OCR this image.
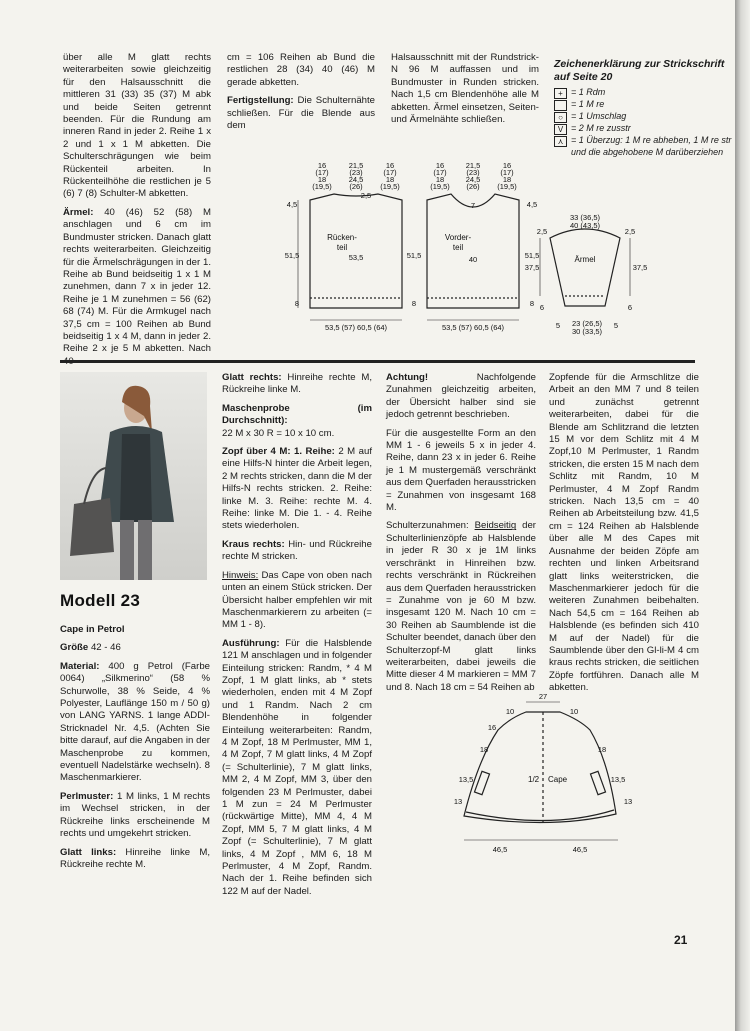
über alle M glatt rechts weiterarbeiten sowie gleichzeitig für den Halsausschnitt die mittleren 31 (33) 35 (37) M abk und beide Seiten getrennt beenden. Für die Rundung am inneren Rand in jeder 2. Reihe 1 x 2 und 1 x 1 M abketten. Die Schulterschrägungen wie beim Rückenteil arbeiten. In Rückenteilhöhe die restlichen je 5 (6) 7 (8) Schulter-M abketten.

Ärmel: 40 (46) 52 (58) M anschlagen und 6 cm im Bundmuster stricken. Danach glatt rechts weiterarbeiten. Gleichzeitig für die Ärmelschrägungen in der 1. Reihe ab Bund beidseitig 1 x 1 M zunehmen, dann 7 x in jeder 12. Reihe je 1 M zunehmen = 56 (62) 68 (74) M. Für die Armkugel nach 37,5 cm = 100 Reihen ab Bund beidseitig 1 x 4 M, dann in jeder 2. Reihe 2 x je 5 M abketten. Nach

cm = 106 Reihen ab Bund die restlichen 28 (34) 40 (46) M gerade abketten.

Fertigstellung: Die Schulternähte schließen. Für die Blende aus dem

Halsausschnitt mit der Rundstrick-N 96 M auffassen und im Bundmuster in Runden stricken. Nach 1,5 cm Blendenhöhe alle M abketten. Ärmel einsetzen, Seiten- und Ärmelnähte schließen.

Zeichenerklärung zur Strickschrift auf Seite 20
+ = 1 Rdm
= 1 M re
○ = 1 Umschlag
V = 2 M re zusstr
⋏ = 1 Überzug: 1 M re abheben, 1 M re str und die abgehobene M darüberziehen
16
(17)
18
(19,5)
21,5
(23)
24,5
(26)
16
(17)
18
(19,5)
16
(17)
18
(19,5)
21,5
(23)
24,5
(26)
16
(17)
18
(19,5)
2,5
7
4,5	4,5
51,5	51,5	51,5
53,5	40
8	8	8
53,5 (57) 60,5 (64)	53,5 (57) 60,5 (64)
33 (36,5)
40 (43,5)
2,5	2,5
37,5	37,5
6	6
5	5
23 (26,5)
30 (33,5)
Rücken-teil
Vorder-teil
Ärmel
Modell 23

Cape in Petrol

Größe 42 - 46

Material: 400 g Petrol (Farbe 0064) „Silkmerino“ (58 % Schurwolle, 38 % Seide, 4 % Polyester, Lauflänge 150 m / 50 g) von LANG YARNS. 1 lange ADDI-Stricknadel Nr. 4,5. (Achten Sie bitte darauf, auf die Angaben in der Maschenprobe zu kommen, eventuell Nadelstärke wechseln). 8 Maschenmarkierer.

Perlmuster: 1 M links, 1 M rechts im Wechsel stricken, in der Rückreihe links erscheinende M rechts und umgekehrt stricken.

Glatt links: Hinreihe linke M, Rückreihe rechte M.

Glatt rechts: Hinreihe rechte M, Rückreihe linke M.

Maschenprobe (im Durchschnitt):
22 M x 30 R = 10 x 10 cm.

Zopf über 4 M: 1. Reihe: 2 M auf eine Hilfs-N hinter die Arbeit legen, 2 M rechts stricken, dann die M der Hilfs-N rechts stricken. 2. Reihe: linke M. 3. Reihe: rechte M. 4. Reihe: linke M. Die 1. - 4. Reihe stets wiederholen.

Kraus rechts: Hin- und Rückreihe rechte M stricken.

Hinweis: Das Cape von oben nach unten an einem Stück stricken. Der Übersicht halber empfehlen wir mit Maschenmarkierern zu arbeiten (= MM 1 - 8).

Ausführung: Für die Halsblende 121 M anschlagen und in folgender Einteilung stricken: Randm, * 4 M Zopf, 1 M glatt links, ab * stets wiederholen, enden mit 4 M Zopf und 1 Randm. Nach 2 cm Blendenhöhe in folgender Einteilung weiterarbeiten: Randm, 4 M Zopf, 18 M Perlmuster, MM 1, 4 M Zopf, 7 M glatt links, 4 M Zopf (= Schulterlinie), 7 M glatt links, MM 2, 4 M Zopf, MM 3, über den folgenden 23 M Perlmuster, dabei 1 M zun = 24 M Perlmuster (rückwärtige Mitte), MM 4, 4 M Zopf, MM 5, 7 M glatt links, 4 M Zopf (= Schulterlinie), 7 M glatt links, 4 M Zopf , MM 6, 18 M Perlmuster, 4 M Zopf, Randm. Nach der 1. Reihe befinden sich 122 M auf der Nadel.

Achtung! Nachfolgende Zunahmen gleichzeitig arbeiten, der Übersicht halber sind sie jedoch getrennt beschrieben.

Für die ausgestellte Form an den MM 1 - 6 jeweils 5 x in jeder 4. Reihe, dann 23 x in jeder 6. Reihe je 1 M mustergemäß verschränkt aus dem Querfaden herausstricken = Zunahmen von insgesamt 168 M.

Schulterzunahmen: Beidseitig der Schulterlinienzöpfe ab Halsblende in jeder R 30 x je 1M links verschränkt in Hinreihen bzw. rechts verschränkt in Rückreihen aus dem Querfaden herausstricken = Zunahme von je 60 M bzw. insgesamt 120 M. Nach 10 cm = 30 Reihen ab Saumblende ist die Schulter beendet, danach über den Schulterzopf-M glatt links weiterarbeiten, dabei jeweils die Mitte dieser 4 M markieren = MM 7 und 8. Nach 18 cm = 54 Reihen ab

Zopfende für die Armschlitze die Arbeit an den MM 7 und 8 teilen und zunächst getrennt weiterarbeiten, dabei für die Blende am Schlitzrand die letzten 15 M vor dem Schlitz mit 4 M Zopf,10 M Perlmuster, 1 Randm stricken, die ersten 15 M nach dem Schlitz mit Randm, 10 M Perlmuster, 4 M Zopf Randm stricken. Nach 13,5 cm = 40 Reihen ab Arbeitsteilung bzw. 41,5 cm = 124 Reihen ab Halsblende über alle M des Capes mit Ausnahme der beiden Zöpfe am rechten und linken Arbeitsrand glatt links weiterstricken, die Maschenmarkierer jedoch für die weiteren Zunahmen beibehalten. Nach 54,5 cm = 164 Reihen ab Halsblende (es befinden sich 410 M auf der Nadel) für die Saumblende über den Gl-li-M 4 cm kraus rechts stricken, die seitlichen Zöpfe fortführen. Danach alle M abketten.

27
10	10
16
18	18
13,5	13,5
13	13
46,5	46,5
1/2 Cape
21
